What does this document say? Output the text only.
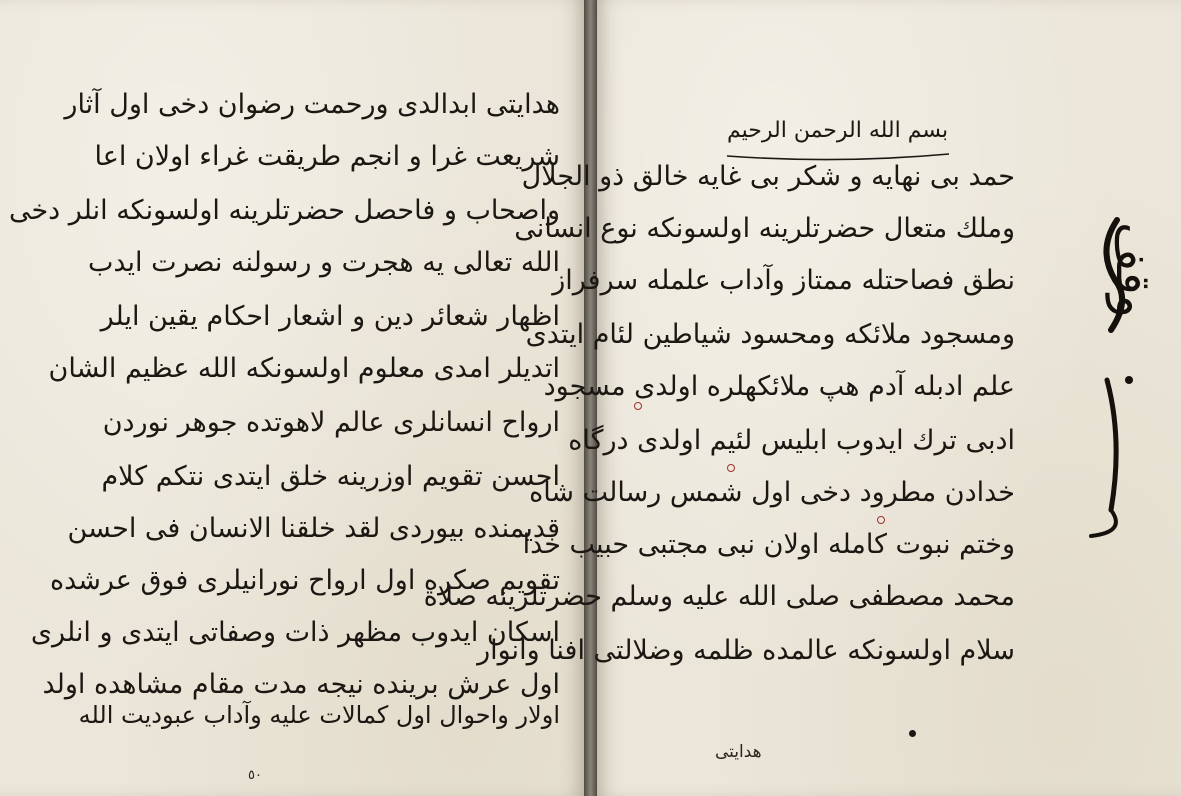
هدايتى ابدالدى ورحمت رضوان دخى اول آثار
شريعت غرا و انجم طريقت غراء اولان اعا
واصحاب و فاحصل حضرتلرينه اولسونكه انلر دخى
الله تعالى يه هجرت و رسولنه نصرت ايدب
اظهار شعائر دين و اشعار احكام يقين ايلر
اتديلر امدى معلوم اولسونكه الله عظيم الشان
ارواح انسانلرى عالم لاهوتده جوهر نوردن
احسن تقويم اوزرينه خلق ايتدى نتكم كلام
قديمنده بيوردى لقد خلقنا الانسان فى احسن
تقويم صكره اول ارواح نورانيلرى فوق عرشده
اسكان ايدوب مظهر ذات وصفاتى ايتدى و انلرى
اول عرش برينده نيجه مدت مقام مشاهده اولد
اولار واحوال اول كمالات عليه وآداب عبوديت الله
٥٠
بسم الله الرحمن الرحيم
حمد بى نهايه و شكر بى غايه خالق ذو الجلال
وملك متعال حضرتلرينه اولسونكه نوع انسانى
نطق فصاحتله ممتاز وآداب علمله سرفراز
ومسجود ملائكه ومحسود شياطين لئام ايتدى
علم ادبله آدم هپ ملائكهلره اولدى مسجود
ادبى ترك ايدوب ابليس لئيم اولدى درگاه
خدادن مطرود دخى اول شمس رسالت شاه
وختم نبوت كامله اولان نبى مجتبى حبيب خدا
محمد مصطفى صلى الله عليه وسلم حضرتلرينه صلاة
سلام اولسونكه عالمده ظلمه وضلالتى افنا وانوار
هدايتى
وقف
